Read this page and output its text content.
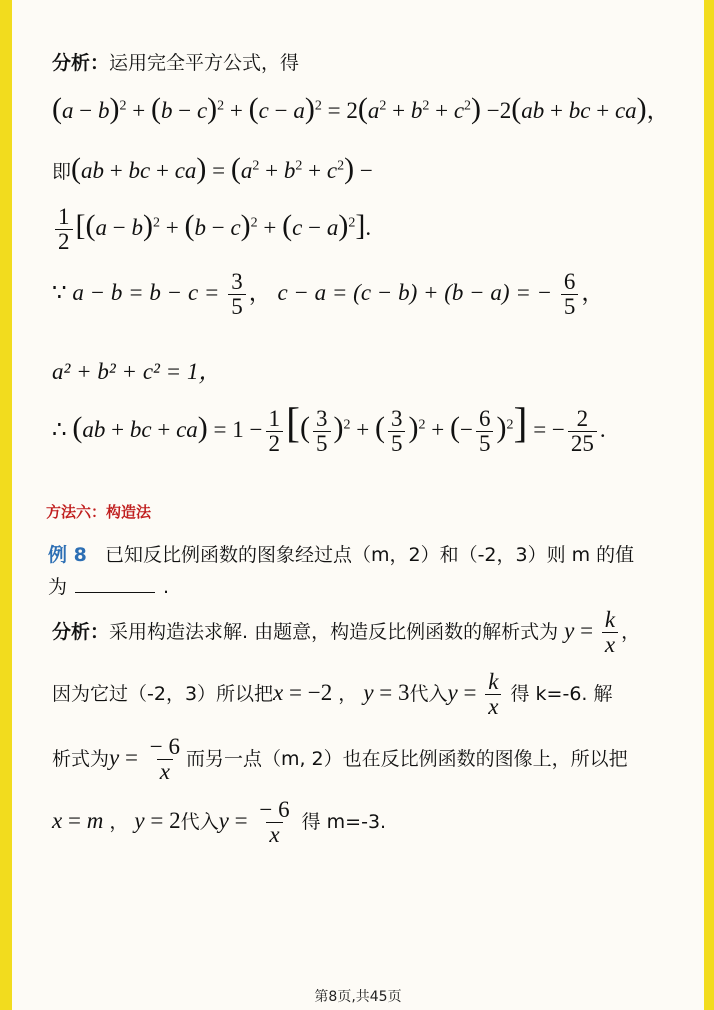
分析：运用完全平方公式，得
$(a - b)^2 + (b - c)^2 + (c - a)^2 = 2(a^2 + b^2 + c^2) -2(ab$ + bc + ca)，
即(ab + bc + $ca) = (a^2 + b^2 + c^2)$ −
$\frac{1}{2} [(a - b)^2 + (b - c)^2 + (c - a)^2]$.
∵ $a - b = b - c = \frac{3}{5}$ ， c − a = (c − b) + (b − a) = − $\frac{6}{5}$ ，
a² + b² + c² = 1，
∴ (ab + bc + $ca) = 1 - \frac{1}{2}$ [( $\frac{3}{5} )^2$ + ( $\frac{3}{5} )^2$ + (− $\frac{6}{5} )^2$] = − $\frac{2}{25}$ .
方法六：构造法
例 8 已知反比例函数的图象经过点（m，2）和（-2，3）则 m 的值
为	.
分析：采用构造法求解. 由题意，构造反比例函数的解析式为 $y = \frac{k}{x}$ ，
因为它过（-2，3）所以把x = −2 ， y = 3代入$y = \frac{k}{x}$ 得 k=-6. 解
析式为$y = \frac{- 6}{x}$ 而另一点（m, 2）也在反比例函数的图像上，所以把
x = m ， y = 2代入$y = \frac{- 6}{x}$ 得 m=-3.
第8页,共45页
